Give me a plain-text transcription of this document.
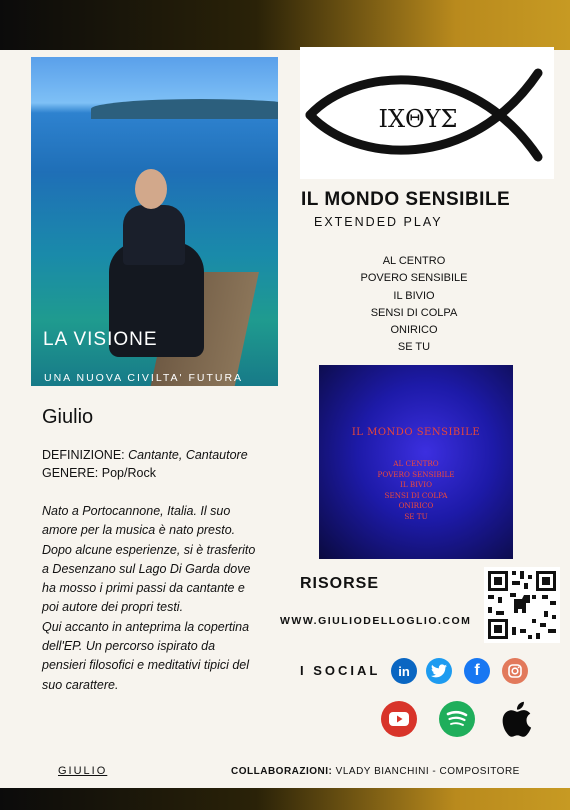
LA VISIONE
UNA NUOVA CIVILTA' FUTURA
ΙΧΘΥΣ
IL MONDO SENSIBILE
EXTENDED PLAY
AL CENTRO
POVERO SENSIBILE
IL BIVIO
SENSI DI COLPA
ONIRICO
SE TU
IL MONDO SENSIBILE
AL CENTRO
POVERO SENSIBILE
IL BIVIO
SENSI DI COLPA
ONIRICO
SE TU
Giulio
DEFINIZIONE: Cantante, Cantautore
GENERE: Pop/Rock
Nato a Portocannone, Italia. Il suo amore per la musica è nato presto. Dopo alcune esperienze, si è trasferito a Desenzano sul Lago Di Garda dove ha mosso i primi passi da cantante e poi autore dei propri testi.
Qui accanto in anteprima la copertina dell'EP. Un percorso ispirato da pensieri filosofici e meditativi tipici del suo carattere.
GIULIO
RISORSE
WWW.GIULIODELLOGLIO.COM
I SOCIAL in	f
COLLABORAZIONI: VLADY BIANCHINI - COMPOSITORE
